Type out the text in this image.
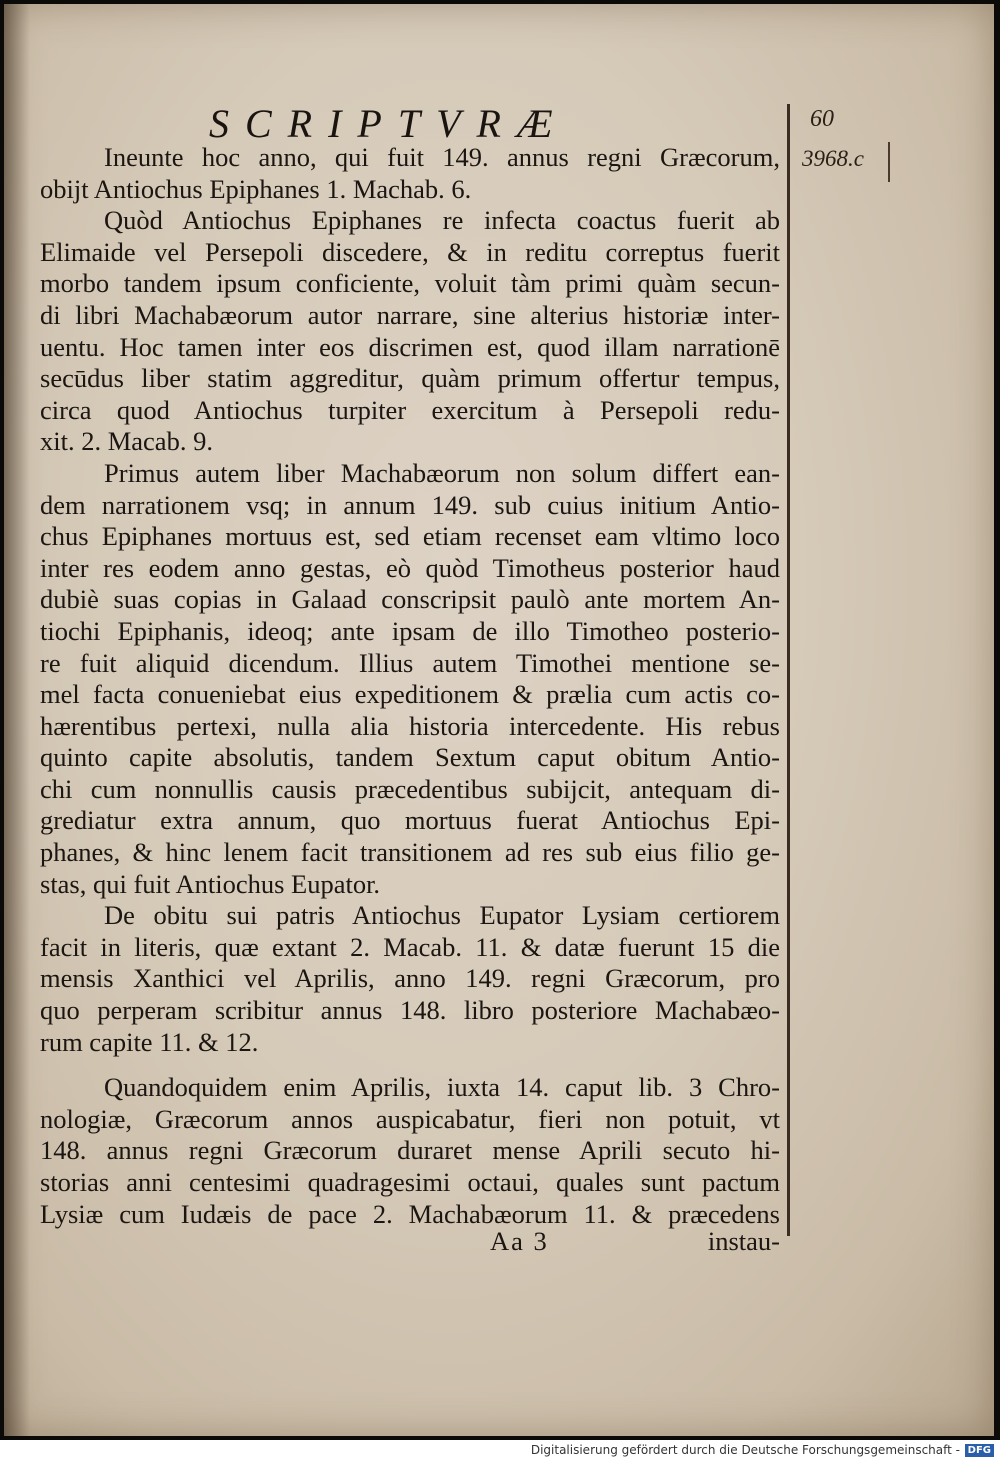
SCRIPTVRÆ	60
3968.c
Ineunte hoc anno, qui fuit 149. annus regni Græcorum,
obijt Antiochus Epiphanes 1. Machab. 6.
Quòd Antiochus Epiphanes re infecta coactus fuerit ab
Elimaide vel Persepoli discedere, & in reditu correptus fuerit
morbo tandem ipsum conficiente, voluit tàm primi quàm secun-
di libri Machabæorum autor narrare, sine alterius historiæ inter-
uentu. Hoc tamen inter eos discrimen est, quod illam narrationē
secūdus liber statim aggreditur, quàm primum offertur tempus,
circa quod Antiochus turpiter exercitum à Persepoli redu-
xit. 2. Macab. 9.
Primus autem liber Machabæorum non solum differt ean-
dem narrationem vsq; in annum 149. sub cuius initium Antio-
chus Epiphanes mortuus est, sed etiam recenset eam vltimo loco
inter res eodem anno gestas, eò quòd Timotheus posterior haud
dubiè suas copias in Galaad conscripsit paulò ante mortem An-
tiochi Epiphanis, ideoq; ante ipsam de illo Timotheo posterio-
re fuit aliquid dicendum. Illius autem Timothei mentione se-
mel facta conueniebat eius expeditionem & prælia cum actis co-
hærentibus pertexi, nulla alia historia intercedente. His rebus
quinto capite absolutis, tandem Sextum caput obitum Antio-
chi cum nonnullis causis præcedentibus subijcit, antequam di-
grediatur extra annum, quo mortuus fuerat Antiochus Epi-
phanes, & hinc lenem facit transitionem ad res sub eius filio ge-
stas, qui fuit Antiochus Eupator.
De obitu sui patris Antiochus Eupator Lysiam certiorem
facit in literis, quæ extant 2. Macab. 11. & datæ fuerunt 15 die
mensis Xanthici vel Aprilis, anno 149. regni Græcorum, pro
quo perperam scribitur annus 148. libro posteriore Machabæo-
rum capite 11. & 12.
Quandoquidem enim Aprilis, iuxta 14. caput lib. 3 Chro-
nologiæ, Græcorum annos auspicabatur, fieri non potuit, vt
148. annus regni Græcorum duraret mense Aprili secuto hi-
storias anni centesimi quadragesimi octaui, quales sunt pactum
Lysiæ cum Iudæis de pace 2. Machabæorum 11. & præcedens
Aa 3	instau-
Digitalisierung gefördert durch die Deutsche Forschungsgemeinschaft - DFG
